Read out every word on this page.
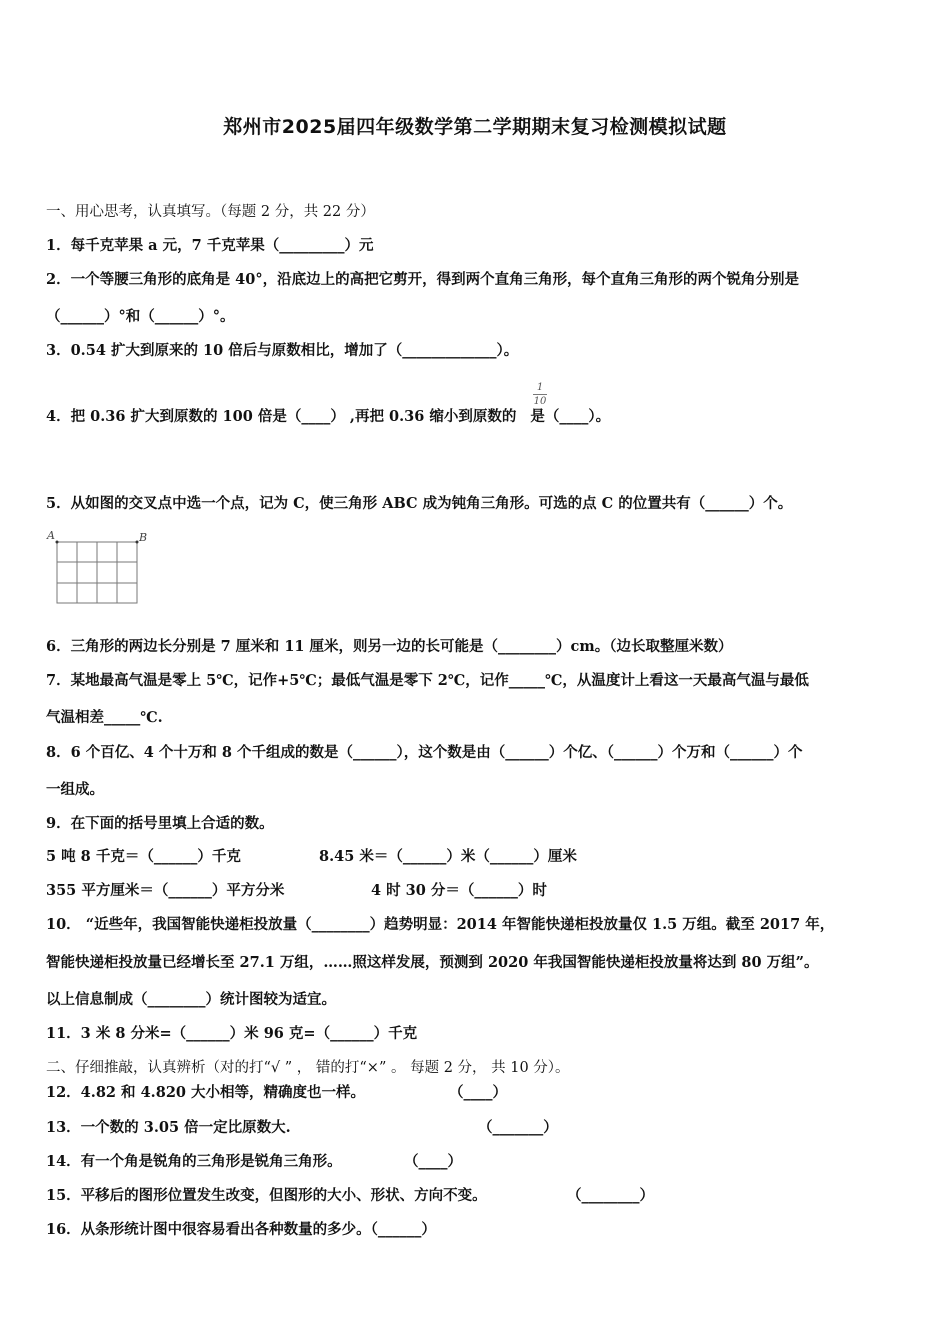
郑州市2025届四年级数学第二学期期末复习检测模拟试题
一、用心思考，认真填写。（每题 2 分，共 22 分）
1．每千克苹果 a 元，7 千克苹果（_________）元
2．一个等腰三角形的底角是 40°，沿底边上的高把它剪开，得到两个直角三角形，每个直角三角形的两个锐角分别是
（______）°和（______）°。
3．0.54 扩大到原来的 10 倍后与原数相比，增加了（_____________）。
4．把 0.36 扩大到原数的 100 倍是（____） ,再把 0.36 缩小到原数的 是（____）。
1
10
5．从如图的交叉点中选一个点，记为 C，使三角形 ABC 成为钝角三角形。可选的点 C 的位置共有（______）个。
A	B
6．三角形的两边长分别是 7 厘米和 11 厘米，则另一边的长可能是（________）cm。（边长取整厘米数）
7．某地最高气温是零上 5℃，记作+5℃；最低气温是零下 2℃，记作_____℃，从温度计上看这一天最高气温与最低
气温相差_____℃.
8．6 个百亿、4 个十万和 8 个千组成的数是（______），这个数是由（______）个亿、（______）个万和（______）个
一组成。
9．在下面的括号里填上合适的数。
5 吨 8 千克＝（______）千克	8.45 米＝（______）米（______）厘米
355 平方厘米＝（______）平方分米	4 时 30 分＝（______）时
10． “近些年，我国智能快递柜投放量（________）趋势明显：2014 年智能快递柜投放量仅 1.5 万组。截至 2017 年，
智能快递柜投放量已经增长至 27.1 万组，……照这样发展，预测到 2020 年我国智能快递柜投放量将达到 80 万组”。
以上信息制成（________）统计图较为适宜。
11．3 米 8 分米=（______）米 96 克=（______）千克
二、仔细推敲，认真辨析（对的打“√ ” ， 错的打“×” 。 每题 2 分， 共 10 分）。
12．4.82 和 4.820 大小相等，精确度也一样。	（____）
13．一个数的 3.05 倍一定比原数大.	（_______）
14．有一个角是锐角的三角形是锐角三角形。	（____）
15．平移后的图形位置发生改变，但图形的大小、形状、方向不变。	（________）
16．从条形统计图中很容易看出各种数量的多少。（______）
